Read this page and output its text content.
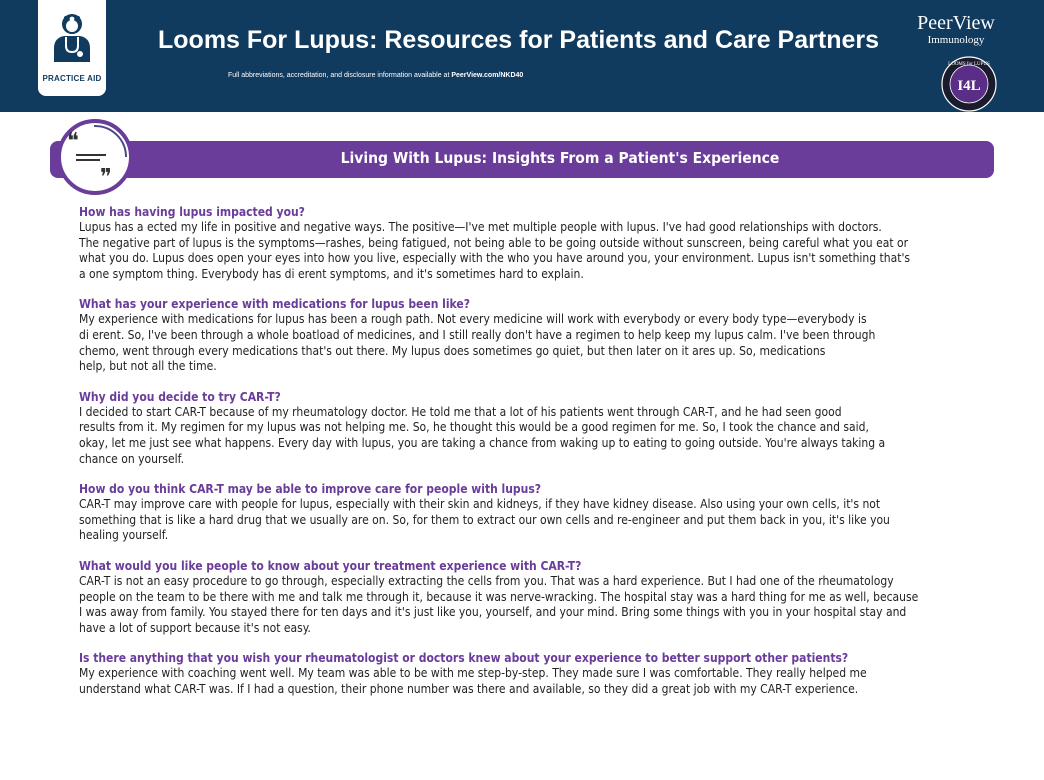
PRACTICE AID
Looms For Lupus: Resources for Patients and Care Partners
Full abbreviations, accreditation, and disclosure information available at PeerView.com/NKD40
PeerView
Immunology
I4L
LOOMS for LUPUS
Living With Lupus: Insights From a Patient's Experience
❝
❞

How has having lupus impacted you?

Lupus has a ected my life in positive and negative ways. The positive—I've met multiple people with lupus. I've had good relationships with doctors.
The negative part of lupus is the symptoms—rashes, being fatigued, not being able to be going outside without sunscreen, being careful what you eat or
what you do. Lupus does open your eyes into how you live, especially with the who you have around you, your environment. Lupus isn't something that's
a one symptom thing. Everybody has di erent symptoms, and it's sometimes hard to explain.

What has your experience with medications for lupus been like?

My experience with medications for lupus has been a rough path. Not every medicine will work with everybody or every body type—everybody is
di erent. So, I've been through a whole boatload of medicines, and I still really don't have a regimen to help keep my lupus calm. I've been through
chemo, went through every medications that's out there. My lupus does sometimes go quiet, but then later on it ares up. So, medications
help, but not all the time.

Why did you decide to try CAR-T?

I decided to start CAR-T because of my rheumatology doctor. He told me that a lot of his patients went through CAR-T, and he had seen good
results from it. My regimen for my lupus was not helping me. So, he thought this would be a good regimen for me. So, I took the chance and said,
okay, let me just see what happens. Every day with lupus, you are taking a chance from waking up to eating to going outside. You're always taking a
chance on yourself.

How do you think CAR-T may be able to improve care for people with lupus?

CAR-T may improve care with people for lupus, especially with their skin and kidneys, if they have kidney disease. Also using your own cells, it's not
something that is like a hard drug that we usually are on. So, for them to extract our own cells and re-engineer and put them back in you, it's like you
healing yourself.

What would you like people to know about your treatment experience with CAR-T?

CAR-T is not an easy procedure to go through, especially extracting the cells from you. That was a hard experience. But I had one of the rheumatology
people on the team to be there with me and talk me through it, because it was nerve-wracking. The hospital stay was a hard thing for me as well, because
I was away from family. You stayed there for ten days and it's just like you, yourself, and your mind. Bring some things with you in your hospital stay and
have a lot of support because it's not easy.

Is there anything that you wish your rheumatologist or doctors knew about your experience to better support other patients?

My experience with coaching went well. My team was able to be with me step-by-step. They made sure I was comfortable. They really helped me
understand what CAR-T was. If I had a question, their phone number was there and available, so they did a great job with my CAR-T experience.
